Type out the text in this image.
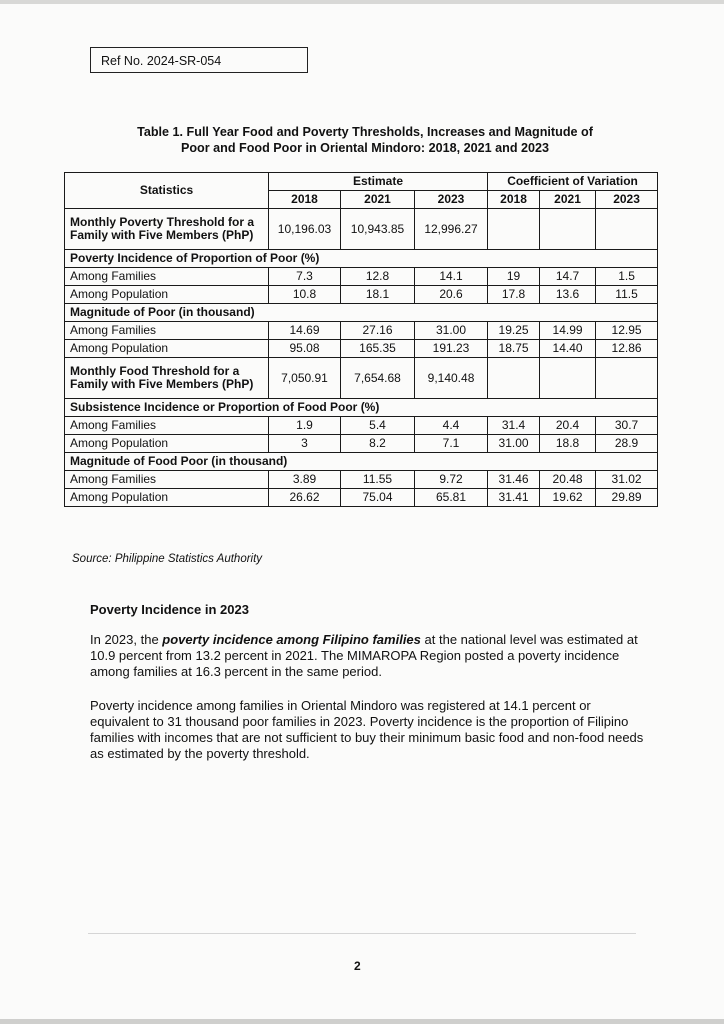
Ref No. 2024-SR-054
Table 1. Full Year Food and Poverty Thresholds, Increases and Magnitude of
Poor and Food Poor in Oriental Mindoro: 2018, 2021 and 2023
Statistics	Estimate			Coefficient of Variation		
	2018	2021	2023	2018	2021	2023
Monthly Poverty Threshold for a Family with Five Members (PhP)	10,196.03	10,943.85	12,996.27			
Poverty Incidence of Proportion of Poor (%)						
Among Families	7.3	12.8	14.1	19	14.7	1.5
Among Population	10.8	18.1	20.6	17.8	13.6	11.5
Magnitude of Poor (in thousand)						
Among Families	14.69	27.16	31.00	19.25	14.99	12.95
Among Population	95.08	165.35	191.23	18.75	14.40	12.86
Monthly Food Threshold for a Family with Five Members (PhP)	7,050.91	7,654.68	9,140.48			
Subsistence Incidence or Proportion of Food Poor (%)						
Among Families	1.9	5.4	4.4	31.4	20.4	30.7
Among Population	3	8.2	7.1	31.00	18.8	28.9
Magnitude of Food Poor (in thousand)						
Among Families	3.89	11.55	9.72	31.46	20.48	31.02
Among Population	26.62	75.04	65.81	31.41	19.62	29.89
Source: Philippine Statistics Authority
Poverty Incidence in 2023

In 2023, the poverty incidence among Filipino families at the national level was estimated at 10.9 percent from 13.2 percent in 2021. The MIMAROPA Region posted a poverty incidence among families at 16.3 percent in the same period.

Poverty incidence among families in Oriental Mindoro was registered at 14.1 percent or equivalent to 31 thousand poor families in 2023. Poverty incidence is the proportion of Filipino families with incomes that are not sufficient to buy their minimum basic food and non-food needs as estimated by the poverty threshold.

2
